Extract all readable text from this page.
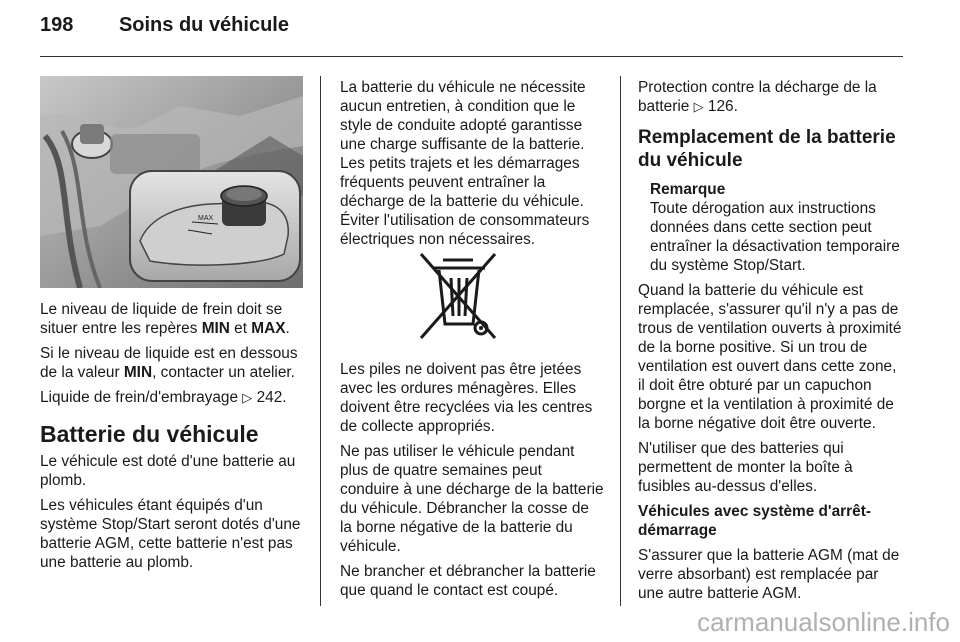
198 Soins du véhicule
MAX

Le niveau de liquide de frein doit se situer entre les repères MIN et MAX.

Si le niveau de liquide est en dessous de la valeur MIN, contacter un atelier.

Liquide de frein/d'embrayage ▷ 242.

Batterie du véhicule

Le véhicule est doté d'une batterie au plomb.

Les véhicules étant équipés d'un système Stop/Start seront dotés d'une batterie AGM, cette batterie n'est pas une batterie au plomb.

La batterie du véhicule ne nécessite aucun entretien, à condition que le style de conduite adopté garantisse une charge suffisante de la batterie. Les petits trajets et les démarrages fréquents peuvent entraîner la décharge de la batterie du véhicule. Éviter l'utilisation de consommateurs électriques non nécessaires.

Les piles ne doivent pas être jetées avec les ordures ménagères. Elles doivent être recyclées via les centres de collecte appropriés.

Ne pas utiliser le véhicule pendant plus de quatre semaines peut conduire à une décharge de la batterie du véhicule. Débrancher la cosse de la borne négative de la batterie du véhicule.

Ne brancher et débrancher la batterie que quand le contact est coupé.

Protection contre la décharge de la batterie ▷ 126.

Remplacement de la batterie du véhicule
Remarque

Toute dérogation aux instructions données dans cette section peut entraîner la désactivation temporaire du système Stop/Start.

Quand la batterie du véhicule est remplacée, s'assurer qu'il n'y a pas de trous de ventilation ouverts à proximité de la borne positive. Si un trou de ventilation est ouvert dans cette zone, il doit être obturé par un capuchon borgne et la ventilation à proximité de la borne négative doit être ouverte.

N'utiliser que des batteries qui permettent de monter la boîte à fusibles au-dessus d'elles.

Véhicules avec système d'arrêt-démarrage

S'assurer que la batterie AGM (mat de verre absorbant) est remplacée par une autre batterie AGM.

carmanualsonline.info
